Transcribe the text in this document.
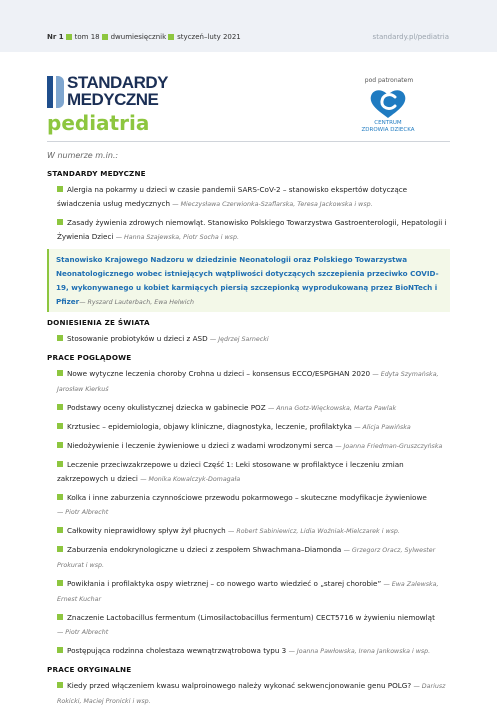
Nr 1 tom 18 dwumiesięcznik styczeń–luty 2021	standardy.pl/pediatria
STANDARDY
MEDYCZNE
pediatria
pod patronatem
CENTRUM
ZDROWIA DZIECKA
W numerze m.in.:
STANDARDY MEDYCZNE
Alergia na pokarmy u dzieci w czasie pandemii SARS-CoV-2 – stanowisko ekspertów dotyczące świadczenia usług medycznych — Mieczysława Czerwionka-Szaflarska, Teresa Jackowska i wsp.
Zasady żywienia zdrowych niemowląt. Stanowisko Polskiego Towarzystwa Gastroenterologii, Hepatologii i Żywienia Dzieci — Hanna Szajewska, Piotr Socha i wsp.
Stanowisko Krajowego Nadzoru w dziedzinie Neonatologii oraz Polskiego Towarzystwa Neonatologicznego wobec istniejących wątpliwości dotyczących szczepienia przeciwko COVID-19, wykonywanego u kobiet karmiących piersią szczepionką wyprodukowaną przez BioNTech i Pfizer— Ryszard Lauterbach, Ewa Helwich
DONIESIENIA ZE ŚWIATA
Stosowanie probiotyków u dzieci z ASD — Jędrzej Sarnecki
PRACE POGLĄDOWE
Nowe wytyczne leczenia choroby Crohna u dzieci – konsensus ECCO/ESPGHAN 2020 — Edyta Szymańska, Jarosław Kierkuś
Podstawy oceny okulistycznej dziecka w gabinecie POZ — Anna Gotz-Więckowska, Marta Pawlak
Krztusiec – epidemiologia, objawy kliniczne, diagnostyka, leczenie, profilaktyka — Alicja Pawińska
Niedożywienie i leczenie żywieniowe u dzieci z wadami wrodzonymi serca — Joanna Friedman-Gruszczyńska
Leczenie przeciwzakrzepowe u dzieci Część 1: Leki stosowane w profilaktyce i leczeniu zmian zakrzepowych u dzieci — Monika Kowalczyk-Domagała
Kolka i inne zaburzenia czynnościowe przewodu pokarmowego – skuteczne modyfikacje żywieniowe
— Piotr Albrecht
Całkowity nieprawidłowy spływ żył płucnych — Robert Sabiniewicz, Lidia Woźniak-Mielczarek i wsp.
Zaburzenia endokrynologiczne u dzieci z zespołem Shwachmana–Diamonda — Grzegorz Oracz, Sylwester Prokurat i wsp.
Powikłania i profilaktyka ospy wietrznej – co nowego warto wiedzieć o „starej chorobie” — Ewa Zalewska, Ernest Kuchar
Znaczenie Lactobacillus fermentum (Limosilactobacillus fermentum) CECT5716 w żywieniu niemowląt
— Piotr Albrecht
Postępująca rodzinna cholestaza wewnątrzwątrobowa typu 3 — Joanna Pawłowska, Irena Jankowska i wsp.
PRACE ORYGINALNE
Kiedy przed włączeniem kwasu walproinowego należy wykonać sekwencjonowanie genu POLG? — Dariusz Rokicki, Maciej Pronicki i wsp.
